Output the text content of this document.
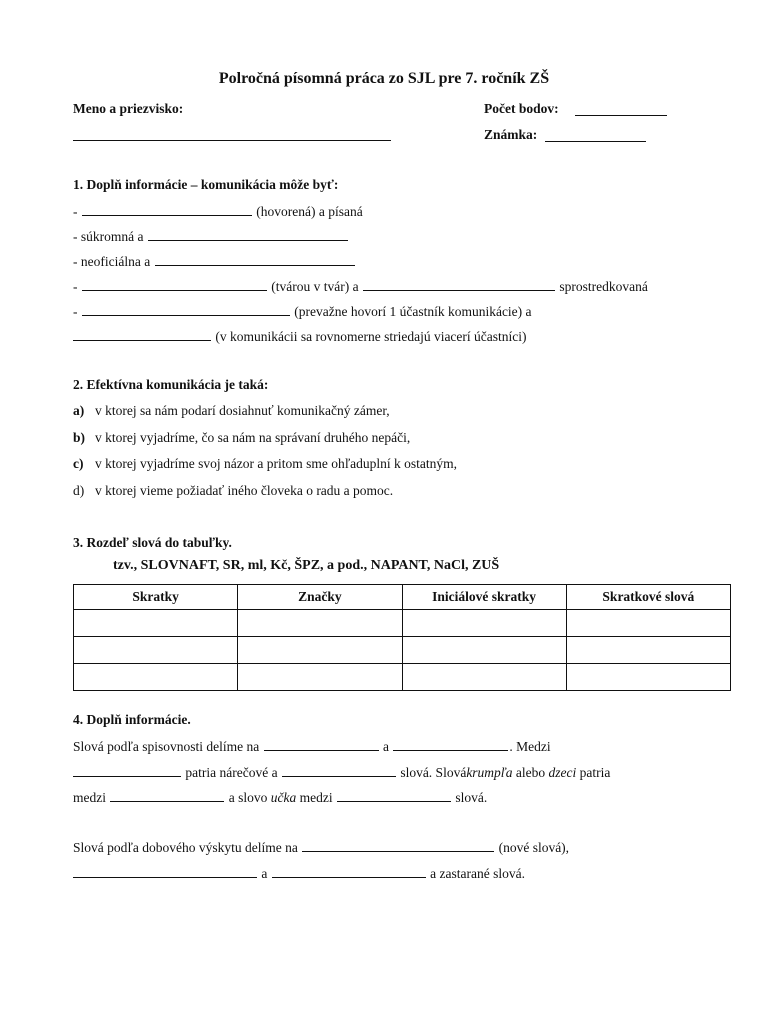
Polročná písomná práca zo SJL pre 7. ročník ZŠ
Meno a priezvisko:	Počet bodov:
Známka:
1. Doplň informácie – komunikácia môže byť:
-	(hovorená) a písaná
- súkromná a
- neoficiálna a
-	(tvárou v tvár) a	sprostredkovaná
-	(prevažne hovorí 1 účastník komunikácie) a
(v komunikácii sa rovnomerne striedajú viacerí účastníci)
2. Efektívna komunikácia je taká:
a) v ktorej sa nám podarí dosiahnuť komunikačný zámer,
b) v ktorej vyjadríme, čo sa nám na správaní druhého nepáči,
c) v ktorej vyjadríme svoj názor a pritom sme ohľaduplní k ostatným,
d) v ktorej vieme požiadať iného človeka o radu a pomoc.
3. Rozdeľ slová do tabuľky.
tzv., SLOVNAFT, SR, ml, Kč, ŠPZ, a pod., NAPANT, NaCl, ZUŠ
Skratky	Značky	Iniciálové skratky	Skratkové slová

4. Doplň informácie.
Slová podľa spisovnosti delíme na	a	. Medzi
patria nárečové a	slová. Slovákrumpľa alebo dzeci patria
medzi	a slovo učka medzi	slová.
Slová podľa dobového výskytu delíme na	(nové slová),
a	a zastarané slová.
